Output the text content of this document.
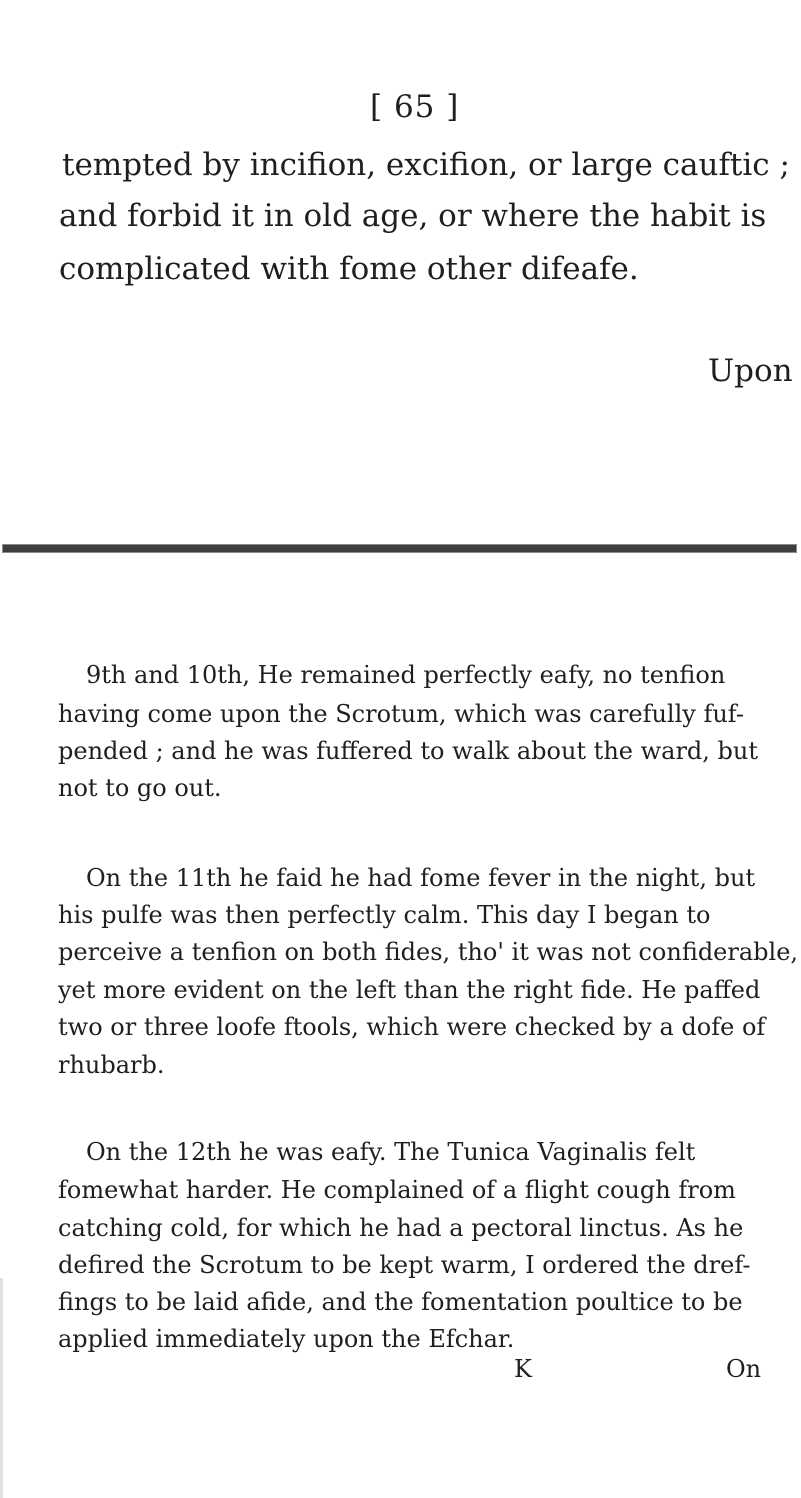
[ 65 ]
tempted by incifion, excifion, or large cauftic ;
and forbid it in old age, or where the habit is
complicated with fome other difeafe.
Upon
9th and 10th, He remained perfectly eafy, no tenfion
having come upon the Scrotum, which was carefully fuf-
pended ; and he was fuffered to walk about the ward, but
not to go out.
On the 11th he faid he had fome fever in the night, but
his pulfe was then perfectly calm. This day I began to
perceive a tenfion on both fides, tho' it was not confiderable,
yet more evident on the left than the right fide. He paffed
two or three loofe ftools, which were checked by a dofe of
rhubarb.
On the 12th he was eafy. The Tunica Vaginalis felt
fomewhat harder. He complained of a flight cough from
catching cold, for which he had a pectoral linctus. As he
defired the Scrotum to be kept warm, I ordered the dref-
fings to be laid afide, and the fomentation poultice to be
applied immediately upon the Efchar.
K	On
